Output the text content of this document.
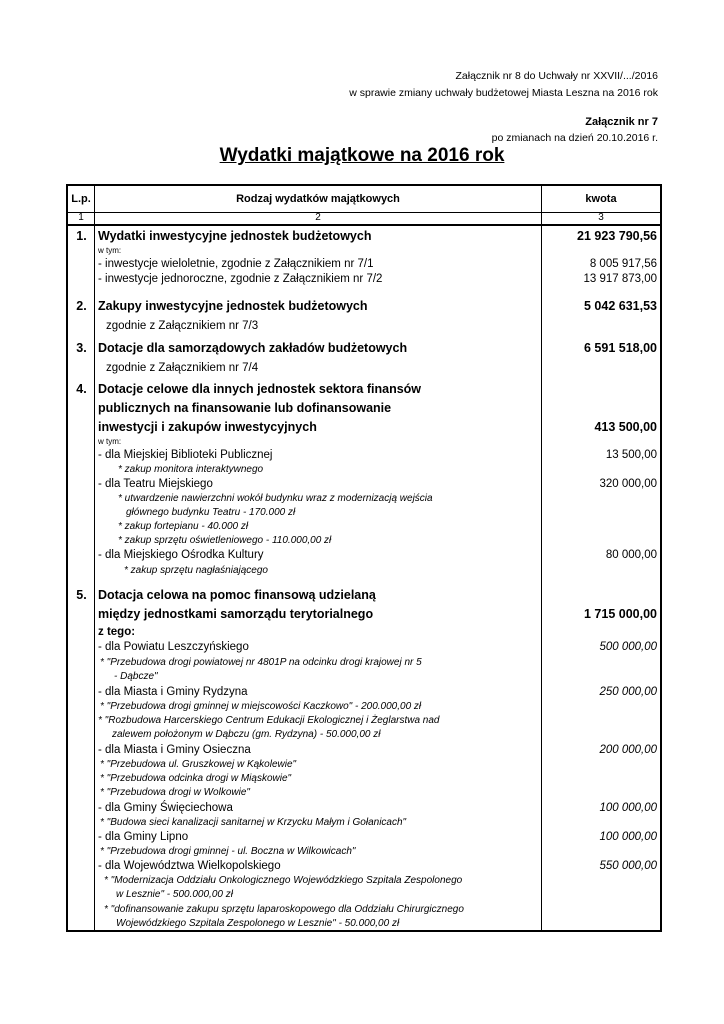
Załącznik nr 8 do Uchwały nr XXVII/.../2016
w sprawie zmiany uchwały budżetowej Miasta Leszna na 2016 rok
Załącznik nr 7
po zmianach na dzień 20.10.2016 r.
Wydatki majątkowe na 2016 rok
L.p.	Rodzaj wydatków majątkowych	kwota
1	2	3
1. Wydatki inwestycyjne jednostek budżetowych	21 923 790,56
w tym:
- inwestycje wieloletnie, zgodnie z Załącznikiem nr 7/1	8 005 917,56
- inwestycje jednoroczne, zgodnie z Załącznikiem nr 7/2	13 917 873,00
2. Zakupy inwestycyjne jednostek budżetowych	5 042 631,53
zgodnie z Załącznikiem nr 7/3
3. Dotacje dla samorządowych zakładów budżetowych	6 591 518,00
zgodnie z Załącznikiem nr 7/4
4. Dotacje celowe dla innych jednostek sektora finansów
publicznych na finansowanie lub dofinansowanie
inwestycji i zakupów inwestycyjnych	413 500,00
w tym:
- dla Miejskiej Biblioteki Publicznej	13 500,00
* zakup monitora interaktywnego
- dla Teatru Miejskiego	320 000,00
* utwardzenie nawierzchni wokół budynku wraz z modernizacją wejścia
głównego budynku Teatru - 170.000 zł
* zakup fortepianu - 40.000 zł
* zakup sprzętu oświetleniowego - 110.000,00 zł
- dla Miejskiego Ośrodka Kultury	80 000,00
* zakup sprzętu nagłaśniającego
5. Dotacja celowa na pomoc finansową udzielaną
między jednostkami samorządu terytorialnego	1 715 000,00
z tego:
- dla Powiatu Leszczyńskiego	500 000,00
* "Przebudowa drogi powiatowej nr 4801P na odcinku drogi krajowej nr 5
- Dąbcze"
- dla Miasta i Gminy Rydzyna	250 000,00
* "Przebudowa drogi gminnej w miejscowości Kaczkowo" - 200.000,00 zł
* "Rozbudowa Harcerskiego Centrum Edukacji Ekologicznej i Żeglarstwa nad
zalewem położonym w Dąbczu (gm. Rydzyna) - 50.000,00 zł
- dla Miasta i Gminy Osieczna	200 000,00
* "Przebudowa ul. Gruszkowej w Kąkolewie"
* "Przebudowa odcinka drogi w Miąskowie"
* "Przebudowa drogi w Wolkowie"
- dla Gminy Święciechowa	100 000,00
* "Budowa sieci kanalizacji sanitarnej w Krzycku Małym i Gołanicach"
- dla Gminy Lipno	100 000,00
* "Przebudowa drogi gminnej - ul. Boczna w Wilkowicach"
- dla Województwa Wielkopolskiego	550 000,00
* "Modernizacja Oddziału Onkologicznego Wojewódzkiego Szpitala Zespolonego
w Lesznie" - 500.000,00 zł
* "dofinansowanie zakupu sprzętu laparoskopowego dla Oddziału Chirurgicznego
Wojewódzkiego Szpitala Zespolonego w Lesznie" - 50.000,00 zł
